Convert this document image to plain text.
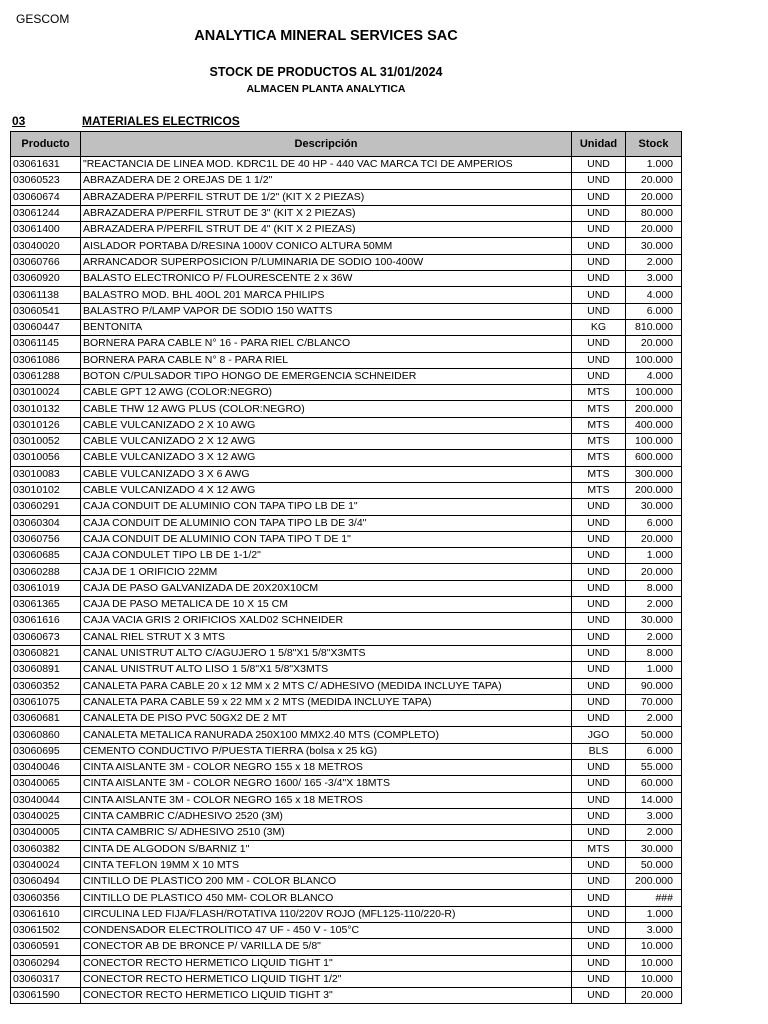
GESCOM
ANALYTICA MINERAL SERVICES SAC
STOCK DE PRODUCTOS AL 31/01/2024
ALMACEN PLANTA ANALYTICA
03	MATERIALES ELECTRICOS
Producto	Descripción	Unidad	Stock
03061631	"REACTANCIA DE LINEA MOD. KDRC1L DE 40 HP - 440 VAC MARCA TCI DE AMPERIOS	UND	1.000
03060523	ABRAZADERA DE 2 OREJAS DE 1 1/2"	UND	20.000
03060674	ABRAZADERA P/PERFIL STRUT DE 1/2" (KIT X 2 PIEZAS)	UND	20.000
03061244	ABRAZADERA P/PERFIL STRUT DE 3" (KIT X 2 PIEZAS)	UND	80.000
03061400	ABRAZADERA P/PERFIL STRUT DE 4" (KIT X 2 PIEZAS)	UND	20.000
03040020	AISLADOR PORTABA D/RESINA 1000V CONICO ALTURA 50MM	UND	30.000
03060766	ARRANCADOR SUPERPOSICION P/LUMINARIA DE SODIO 100-400W	UND	2.000
03060920	BALASTO ELECTRONICO P/ FLOURESCENTE 2 x 36W	UND	3.000
03061138	BALASTRO MOD. BHL 40OL 201 MARCA PHILIPS	UND	4.000
03060541	BALASTRO P/LAMP VAPOR DE SODIO 150 WATTS	UND	6.000
03060447	BENTONITA	KG	810.000
03061145	BORNERA PARA CABLE N° 16 - PARA RIEL C/BLANCO	UND	20.000
03061086	BORNERA PARA CABLE N° 8 - PARA RIEL	UND	100.000
03061288	BOTON C/PULSADOR TIPO HONGO DE EMERGENCIA SCHNEIDER	UND	4.000
03010024	CABLE GPT 12 AWG (COLOR:NEGRO)	MTS	100.000
03010132	CABLE THW 12 AWG PLUS (COLOR:NEGRO)	MTS	200.000
03010126	CABLE VULCANIZADO 2 X 10 AWG	MTS	400.000
03010052	CABLE VULCANIZADO 2 X 12 AWG	MTS	100.000
03010056	CABLE VULCANIZADO 3 X 12 AWG	MTS	600.000
03010083	CABLE VULCANIZADO 3 X 6 AWG	MTS	300.000
03010102	CABLE VULCANIZADO 4 X 12 AWG	MTS	200.000
03060291	CAJA CONDUIT DE ALUMINIO CON TAPA TIPO LB DE 1"	UND	30.000
03060304	CAJA CONDUIT DE ALUMINIO CON TAPA TIPO LB DE 3/4"	UND	6.000
03060756	CAJA CONDUIT DE ALUMINIO CON TAPA TIPO T DE 1"	UND	20.000
03060685	CAJA CONDULET TIPO LB DE 1-1/2"	UND	1.000
03060288	CAJA DE 1 ORIFICIO 22MM	UND	20.000
03061019	CAJA DE PASO GALVANIZADA DE 20X20X10CM	UND	8.000
03061365	CAJA DE PASO METALICA DE 10 X 15 CM	UND	2.000
03061616	CAJA VACIA GRIS 2 ORIFICIOS XALD02 SCHNEIDER	UND	30.000
03060673	CANAL RIEL STRUT X 3 MTS	UND	2.000
03060821	CANAL UNISTRUT ALTO C/AGUJERO 1 5/8"X1 5/8"X3MTS	UND	8.000
03060891	CANAL UNISTRUT ALTO LISO 1 5/8"X1 5/8"X3MTS	UND	1.000
03060352	CANALETA PARA CABLE 20 x 12 MM x 2 MTS C/ ADHESIVO (MEDIDA INCLUYE TAPA)	UND	90.000
03061075	CANALETA PARA CABLE 59 x 22 MM x 2 MTS (MEDIDA INCLUYE TAPA)	UND	70.000
03060681	CANALETA DE PISO PVC 50GX2 DE 2 MT	UND	2.000
03060860	CANALETA METALICA RANURADA 250X100 MMX2.40 MTS (COMPLETO)	JGO	50.000
03060695	CEMENTO CONDUCTIVO P/PUESTA TIERRA (bolsa x 25 kG)	BLS	6.000
03040046	CINTA AISLANTE 3M - COLOR NEGRO 155 x 18 METROS	UND	55.000
03040065	CINTA AISLANTE 3M - COLOR NEGRO 1600/ 165 -3/4"X 18MTS	UND	60.000
03040044	CINTA AISLANTE 3M - COLOR NEGRO 165 x 18 METROS	UND	14.000
03040025	CINTA CAMBRIC C/ADHESIVO 2520 (3M)	UND	3.000
03040005	CINTA CAMBRIC S/ ADHESIVO 2510 (3M)	UND	2.000
03060382	CINTA DE ALGODON S/BARNIZ 1"	MTS	30.000
03040024	CINTA TEFLON 19MM X 10 MTS	UND	50.000
03060494	CINTILLO DE PLASTICO 200 MM - COLOR BLANCO	UND	200.000
03060356	CINTILLO DE PLASTICO 450 MM- COLOR BLANCO	UND	###
03061610	CIRCULINA LED FIJA/FLASH/ROTATIVA 110/220V ROJO (MFL125-110/220-R)	UND	1.000
03061502	CONDENSADOR ELECTROLITICO 47 UF - 450 V - 105°C	UND	3.000
03060591	CONECTOR AB DE BRONCE P/ VARILLA DE 5/8"	UND	10.000
03060294	CONECTOR RECTO HERMETICO LIQUID TIGHT 1"	UND	10.000
03060317	CONECTOR RECTO HERMETICO LIQUID TIGHT 1/2"	UND	10.000
03061590	CONECTOR RECTO HERMETICO LIQUID TIGHT 3"	UND	20.000
